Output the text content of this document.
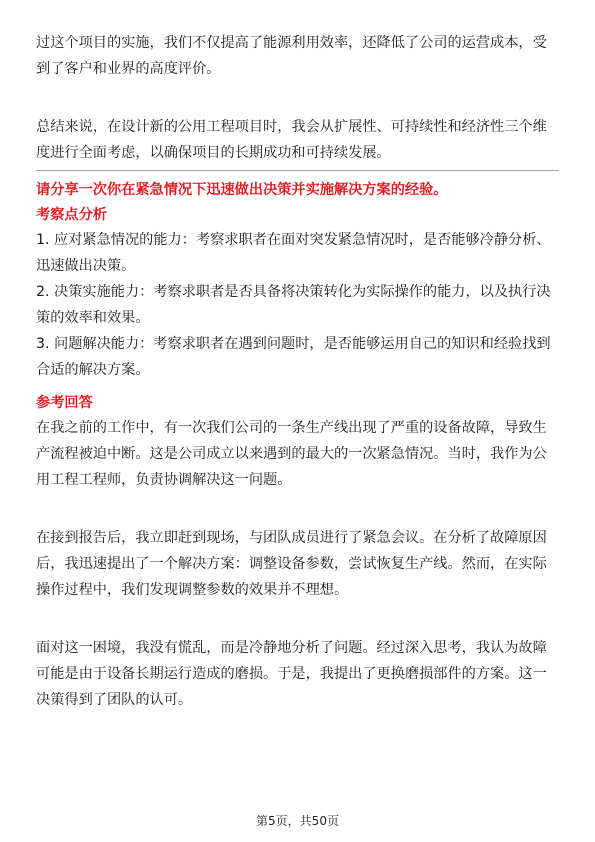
过这个项目的实施，我们不仅提高了能源利用效率，还降低了公司的运营成本，受到了客户和业界的高度评价。

总结来说，在设计新的公用工程项目时，我会从扩展性、可持续性和经济性三个维度进行全面考虑，以确保项目的长期成功和可持续发展。

请分享一次你在紧急情况下迅速做出决策并实施解决方案的经验。
考察点分析

1. 应对紧急情况的能力：考察求职者在面对突发紧急情况时，是否能够冷静分析、迅速做出决策。

2. 决策实施能力：考察求职者是否具备将决策转化为实际操作的能力，以及执行决策的效率和效果。

3. 问题解决能力：考察求职者在遇到问题时，是否能够运用自己的知识和经验找到合适的解决方案。

参考回答

在我之前的工作中，有一次我们公司的一条生产线出现了严重的设备故障，导致生产流程被迫中断。这是公司成立以来遇到的最大的一次紧急情况。当时，我作为公用工程工程师，负责协调解决这一问题。

在接到报告后，我立即赶到现场，与团队成员进行了紧急会议。在分析了故障原因后，我迅速提出了一个解决方案：调整设备参数，尝试恢复生产线。然而，在实际操作过程中，我们发现调整参数的效果并不理想。

面对这一困境，我没有慌乱，而是冷静地分析了问题。经过深入思考，我认为故障可能是由于设备长期运行造成的磨损。于是，我提出了更换磨损部件的方案。这一决策得到了团队的认可。

第5页，共50页
